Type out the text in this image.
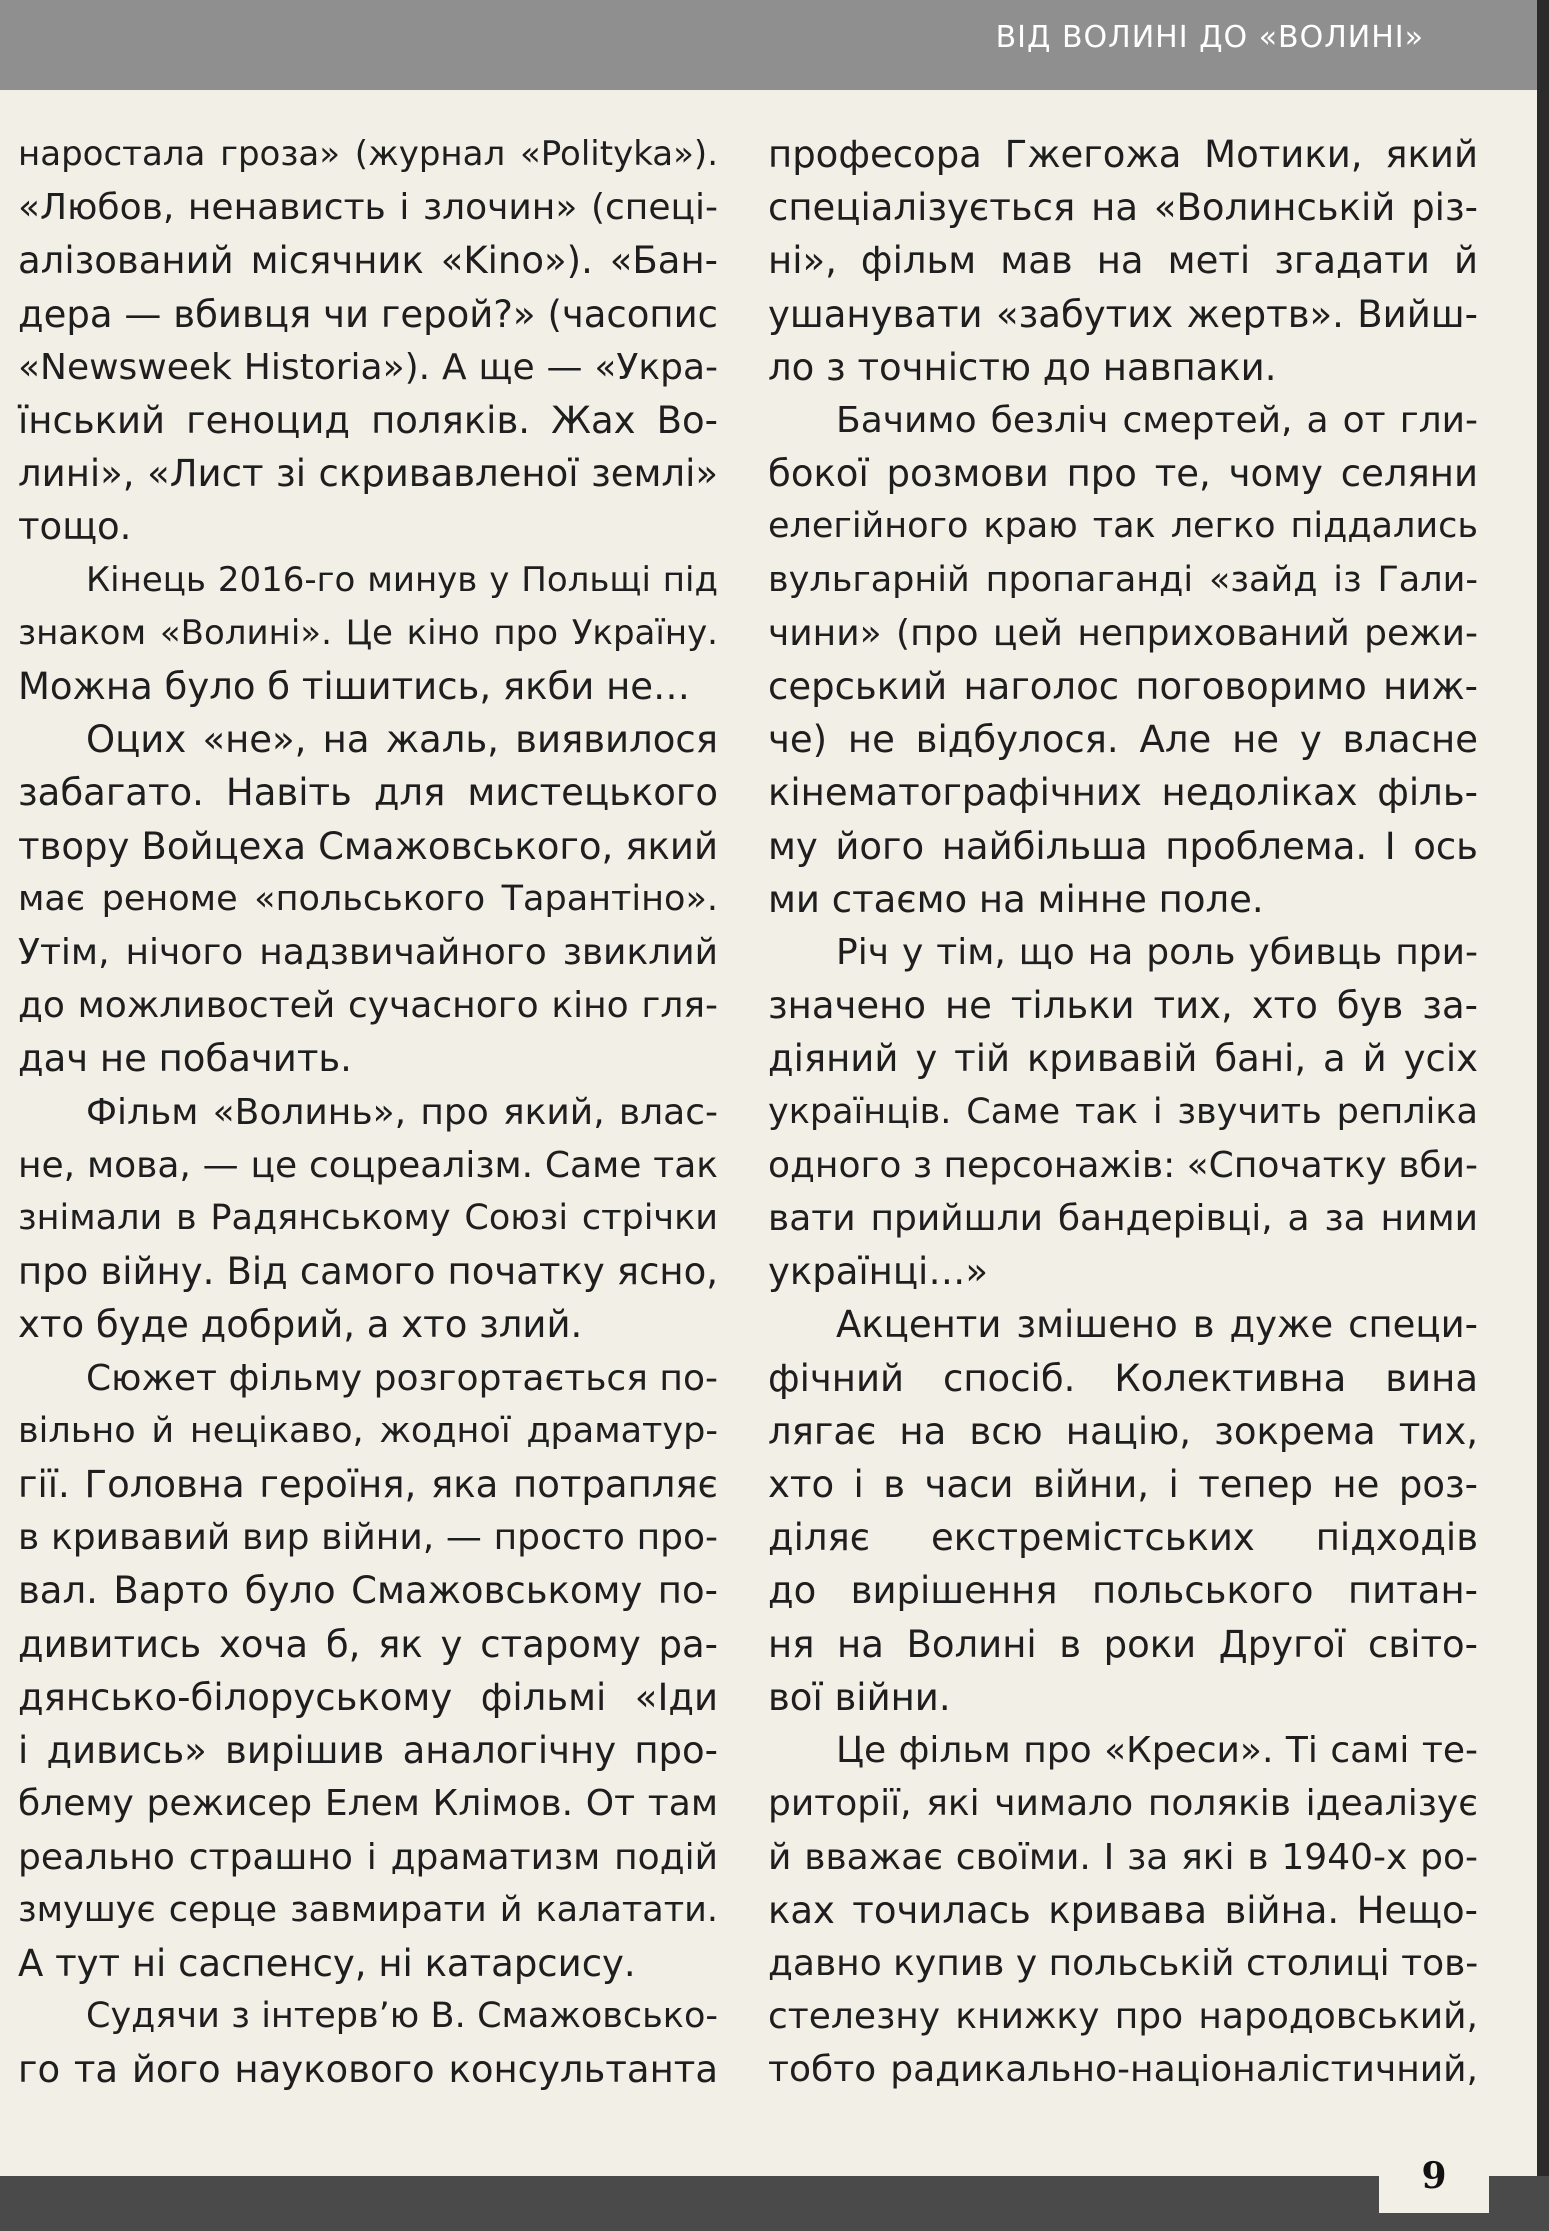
ВІД ВОЛИНІ ДО «ВОЛИНІ»
наростала гроза» (журнал «Polityka»).
«Любов, ненависть і злочин» (спеці-
алізований місячник «Kino»). «Бан-
дера — вбивця чи герой?» (часопис
«Newsweek Historia»). А ще — «Укра-
їнський геноцид поляків. Жах Во-
лині», «Лист зі скривавленої землі»
тощо.
Кінець 2016-го минув у Польщі під
знаком «Волині». Це кіно про Україну.
Можна було б тішитись, якби не…
Оцих «не», на жаль, виявилося
забагато. Навіть для мистецького
твору Войцеха Смажовського, який
має реноме «польського Тарантіно».
Утім, нічого надзвичайного звиклий
до можливостей сучасного кіно гля-
дач не побачить.
Фільм «Волинь», про який, влас-
не, мова, — це соцреалізм. Саме так
знімали в Радянському Союзі стрічки
про війну. Від самого початку ясно,
хто буде добрий, а хто злий.
Сюжет фільму розгортається по-
вільно й нецікаво, жодної драматур-
гії. Головна героїня, яка потрапляє
в кривавий вир війни, — просто про-
вал. Варто було Смажовському по-
дивитись хоча б, як у старому ра-
дянсько-білоруському фільмі «Іди
і дивись» вирішив аналогічну про-
блему режисер Елем Клімов. От там
реально страшно і драматизм подій
змушує серце завмирати й калатати.
А тут ні саспенсу, ні катарсису.
Судячи з інтерв’ю В. Смажовсько-
го та його наукового консультанта
професора Гжегожа Мотики, який
спеціалізується на «Волинській різ-
ні», фільм мав на меті згадати й
ушанувати «забутих жертв». Вийш-
ло з точністю до навпаки.
Бачимо безліч смертей, а от гли-
бокої розмови про те, чому селяни
елегійного краю так легко піддались
вульгарній пропаганді «зайд із Гали-
чини» (про цей неприхований режи-
серський наголос поговоримо ниж-
че) не відбулося. Але не у власне
кінематографічних недоліках філь-
му його найбільша проблема. І ось
ми стаємо на мінне поле.
Річ у тім, що на роль убивць при-
значено не тільки тих, хто був за-
діяний у тій кривавій бані, а й усіх
українців. Саме так і звучить репліка
одного з персонажів: «Спочатку вби-
вати прийшли бандерівці, а за ними
українці…»
Акценти змішено в дуже специ-
фічний спосіб. Колективна вина
лягає на всю націю, зокрема тих,
хто і в часи війни, і тепер не роз-
діляє екстремістських підходів
до вирішення польського питан-
ня на Волині в роки Другої світо-
вої війни.
Це фільм про «Креси». Ті самі те-
риторії, які чимало поляків ідеалізує
й вважає своїми. І за які в 1940-х ро-
ках точилась кривава війна. Нещо-
давно купив у польській столиці тов-
стелезну книжку про народовський,
тобто радикально-націоналістичний,
9
